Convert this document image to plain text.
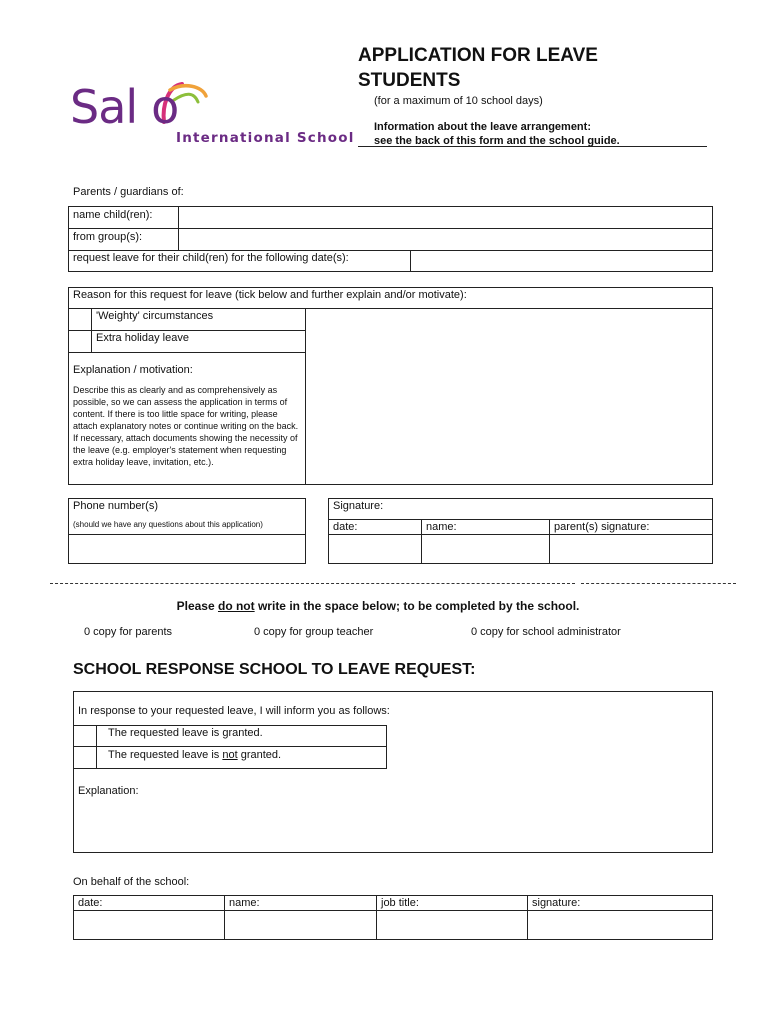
Sal o
International School
APPLICATION FOR LEAVE
STUDENTS
(for a maximum of 10 school days)
Information about the leave arrangement:
see the back of this form and the school guide.
Parents / guardians of:
name child(ren):
from group(s):
request leave for their child(ren) for the following date(s):
Reason for this request for leave (tick below and further explain and/or motivate):
'Weighty' circumstances
Extra holiday leave
Explanation / motivation:
Describe this as clearly and as comprehensively as possible, so we can assess the application in terms of content. If there is too little space for writing, please attach explanatory notes or continue writing on the back. If necessary, attach documents showing the necessity of the leave (e.g. employer's statement when requesting extra holiday leave, invitation, etc.).
Phone number(s)
(should we have any questions about this application)
Signature:
date:	name:	parent(s) signature:
Please do not write in the space below; to be completed by the school.
0 copy for parents	0 copy for group teacher	0 copy for school administrator
SCHOOL RESPONSE SCHOOL TO LEAVE REQUEST:
In response to your requested leave, I will inform you as follows:
The requested leave is granted.
The requested leave is not granted.
Explanation:
On behalf of the school:
date:	name:	job title:	signature:
